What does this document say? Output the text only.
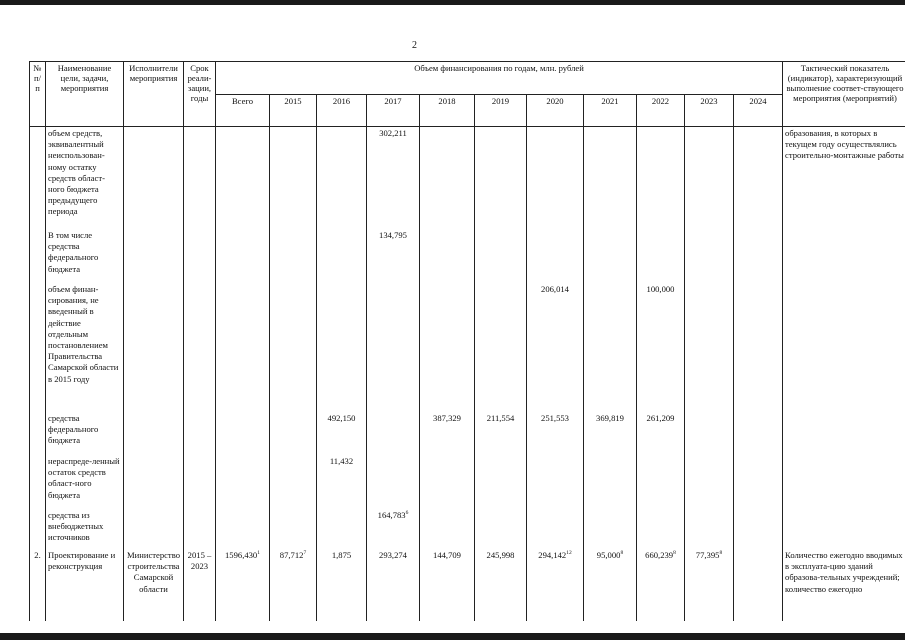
2
№ п/п	Наименование цели, задачи, мероприятия	Исполнители мероприятия	Срок реали-зации, годы	Объем финансирования по годам, млн. рублей											Тактический показатель (индикатор), характеризующий выполнение соответ-ствующего мероприятия (мероприятий)
				Всего	2015	2016	2017	2018	2019	2020	2021	2022	2023	2024	
	объем средств, эквивалентный неиспользован-ному остатку средств област-ного бюджета предыдущего периода						302,211								образования, в которых в текущем году осуществлялись строительно-монтажные работы
	В том числе средства федерального бюджета						134,795								
	объем финан-сирования, не введенный в действие отдельным постановлением Правительства Самарской области в 2015 году									206,014		100,000			
	средства федерального бюджета					492,150		387,329	211,554	251,553	369,819	261,209			
	нераспреде-ленный остаток средств област-ного бюджета					11,432									
	средства из внебюджетных источников						164,783$^6$								
2.	Проектирование и реконструкция	Министерство строительства Самарской области	2015 – 2023	1596,430$^1$	87,712$^7$	1,875	293,274	144,709	245,998	294,142$^{12}$	95,000$^8$	660,239$^8$	77,395$^8$		Количество ежегодно вводимых в эксплуата-цию зданий образова-тельных учреждений; количество ежегодно
